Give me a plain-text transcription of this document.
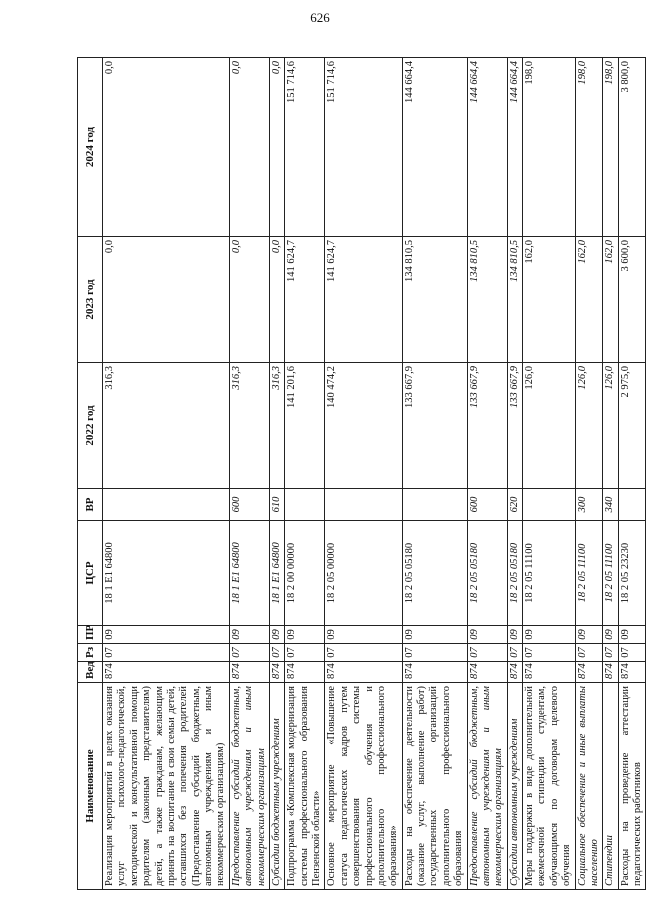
626
Наименование	Вед	Рз	ПР	ЦСР	ВР	2022 год	2023 год	2024 год
Реализация мероприятий в целях оказания услуг психолого-педагогической, методической и консультативной помощи родителям (законным представителям) детей, а также гражданам, желающим принять на воспитание в свои семьи детей, оставшихся без попечения родителей (Предоставление субсидий бюджетным, автономным учреждениям и иным некоммерческим организациям)	874	07	09	18 1 E1 64800		316,3	0,0	0,0
Предоставление субсидий бюджетным, автономным учреждениям и иным некоммерческим организациям	874	07	09	18 1 E1 64800	600	316,3	0,0	0,0
Субсидии бюджетным учреждениям	874	07	09	18 1 E1 64800	610	316,3	0,0	0,0
Подпрограмма «Комплексная модернизация системы профессионального образования Пензенской области»	874	07	09	18 2 00 00000		141 201,6	141 624,7	151 714,6
Основное мероприятие «Повышение статуса педагогических кадров путем совершенствования системы профессионального обучения и дополнительного профессионального образования»	874	07	09	18 2 05 00000		140 474,2	141 624,7	151 714,6
Расходы на обеспечение деятельности (оказание услуг, выполнение работ) государственных организаций дополнительного профессионального образования	874	07	09	18 2 05 05180		133 667,9	134 810,5	144 664,4
Предоставление субсидий бюджетным, автономным учреждениям и иным некоммерческим организациям	874	07	09	18 2 05 05180	600	133 667,9	134 810,5	144 664,4
Субсидии автономным учреждениям	874	07	09	18 2 05 05180	620	133 667,9	134 810,5	144 664,4
Меры поддержки в виде дополнительной ежемесячной стипендии студентам, обучающимся по договорам целевого обучения	874	07	09	18 2 05 11100		126,0	162,0	198,0
Социальное обеспечение и иные выплаты населению	874	07	09	18 2 05 11100	300	126,0	162,0	198,0
Стипендии	874	07	09	18 2 05 11100	340	126,0	162,0	198,0
Расходы на проведение аттестации педагогических работников	874	07	09	18 2 05 23230		2 975,0	3 600,0	3 800,0
